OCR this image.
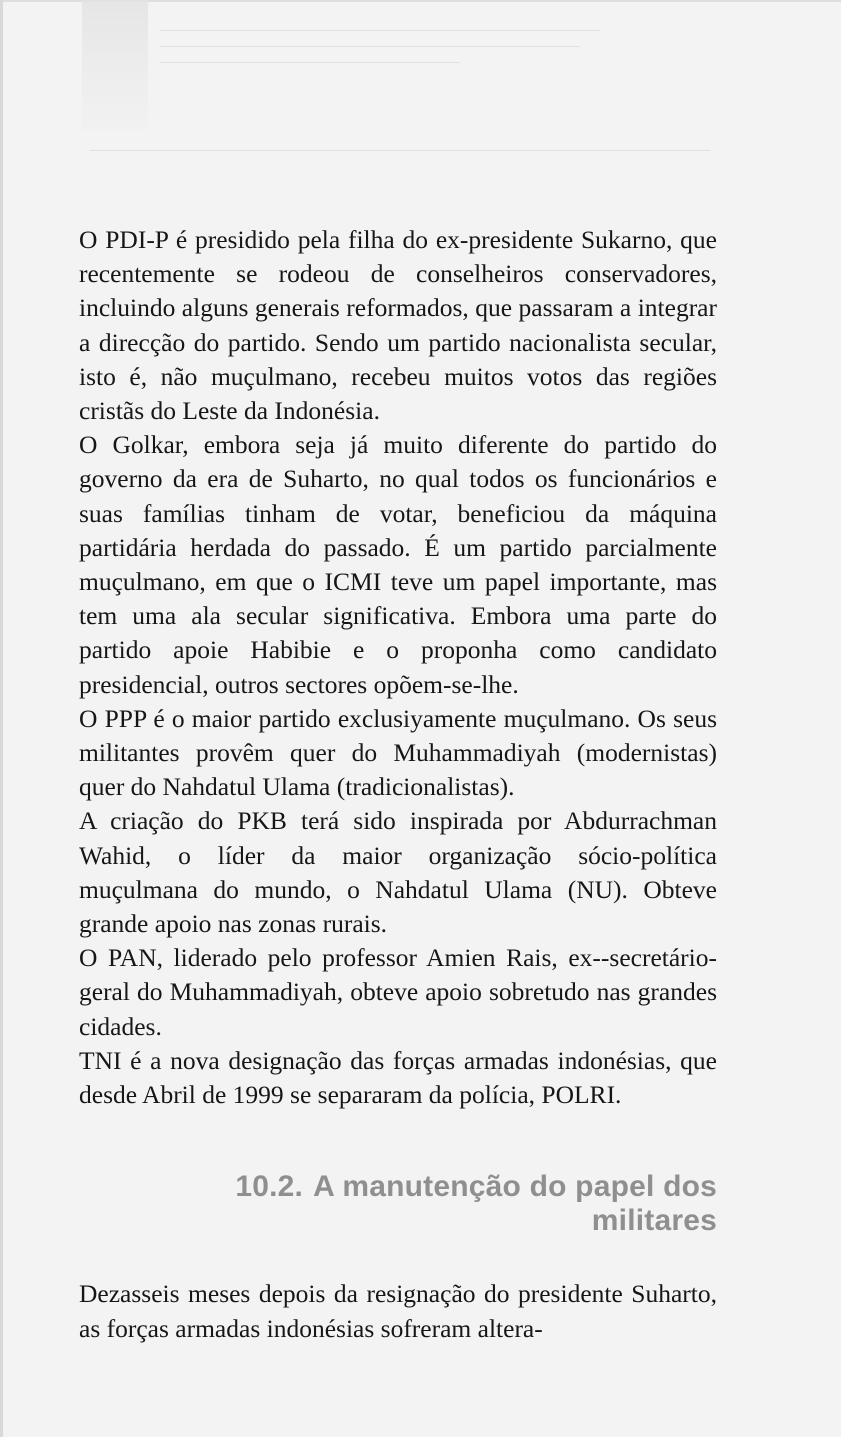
O PDI-P é presidido pela filha do ex-presidente Sukarno, que recentemente se rodeou de conselheiros conservadores, incluindo alguns generais reformados, que passaram a integrar a direcção do partido. Sendo um partido nacionalista secular, isto é, não muçulmano, recebeu muitos votos das regiões cristãs do Leste da Indonésia.

O Golkar, embora seja já muito diferente do partido do governo da era de Suharto, no qual todos os funcionários e suas famílias tinham de votar, beneficiou da máquina partidária herdada do passado. É um partido parcialmente muçulmano, em que o ICMI teve um papel importante, mas tem uma ala secular significativa. Embora uma parte do partido apoie Habibie e o proponha como candidato presidencial, outros sectores opõem-se-lhe.

O PPP é o maior partido exclusiyamente muçulmano. Os seus militantes provêm quer do Muhammadiyah (modernistas) quer do Nahdatul Ulama (tradicionalistas).

A criação do PKB terá sido inspirada por Abdurrachman Wahid, o líder da maior organização sócio-política muçulmana do mundo, o Nahdatul Ulama (NU). Obteve grande apoio nas zonas rurais.

O PAN, liderado pelo professor Amien Rais, ex--secretário-geral do Muhammadiyah, obteve apoio sobretudo nas grandes cidades.

TNI é a nova designação das forças armadas indonésias, que desde Abril de 1999 se separaram da polícia, POLRI.

10.2. A manutenção do papel dos
militares

Dezasseis meses depois da resignação do presidente Suharto, as forças armadas indonésias sofreram altera-
